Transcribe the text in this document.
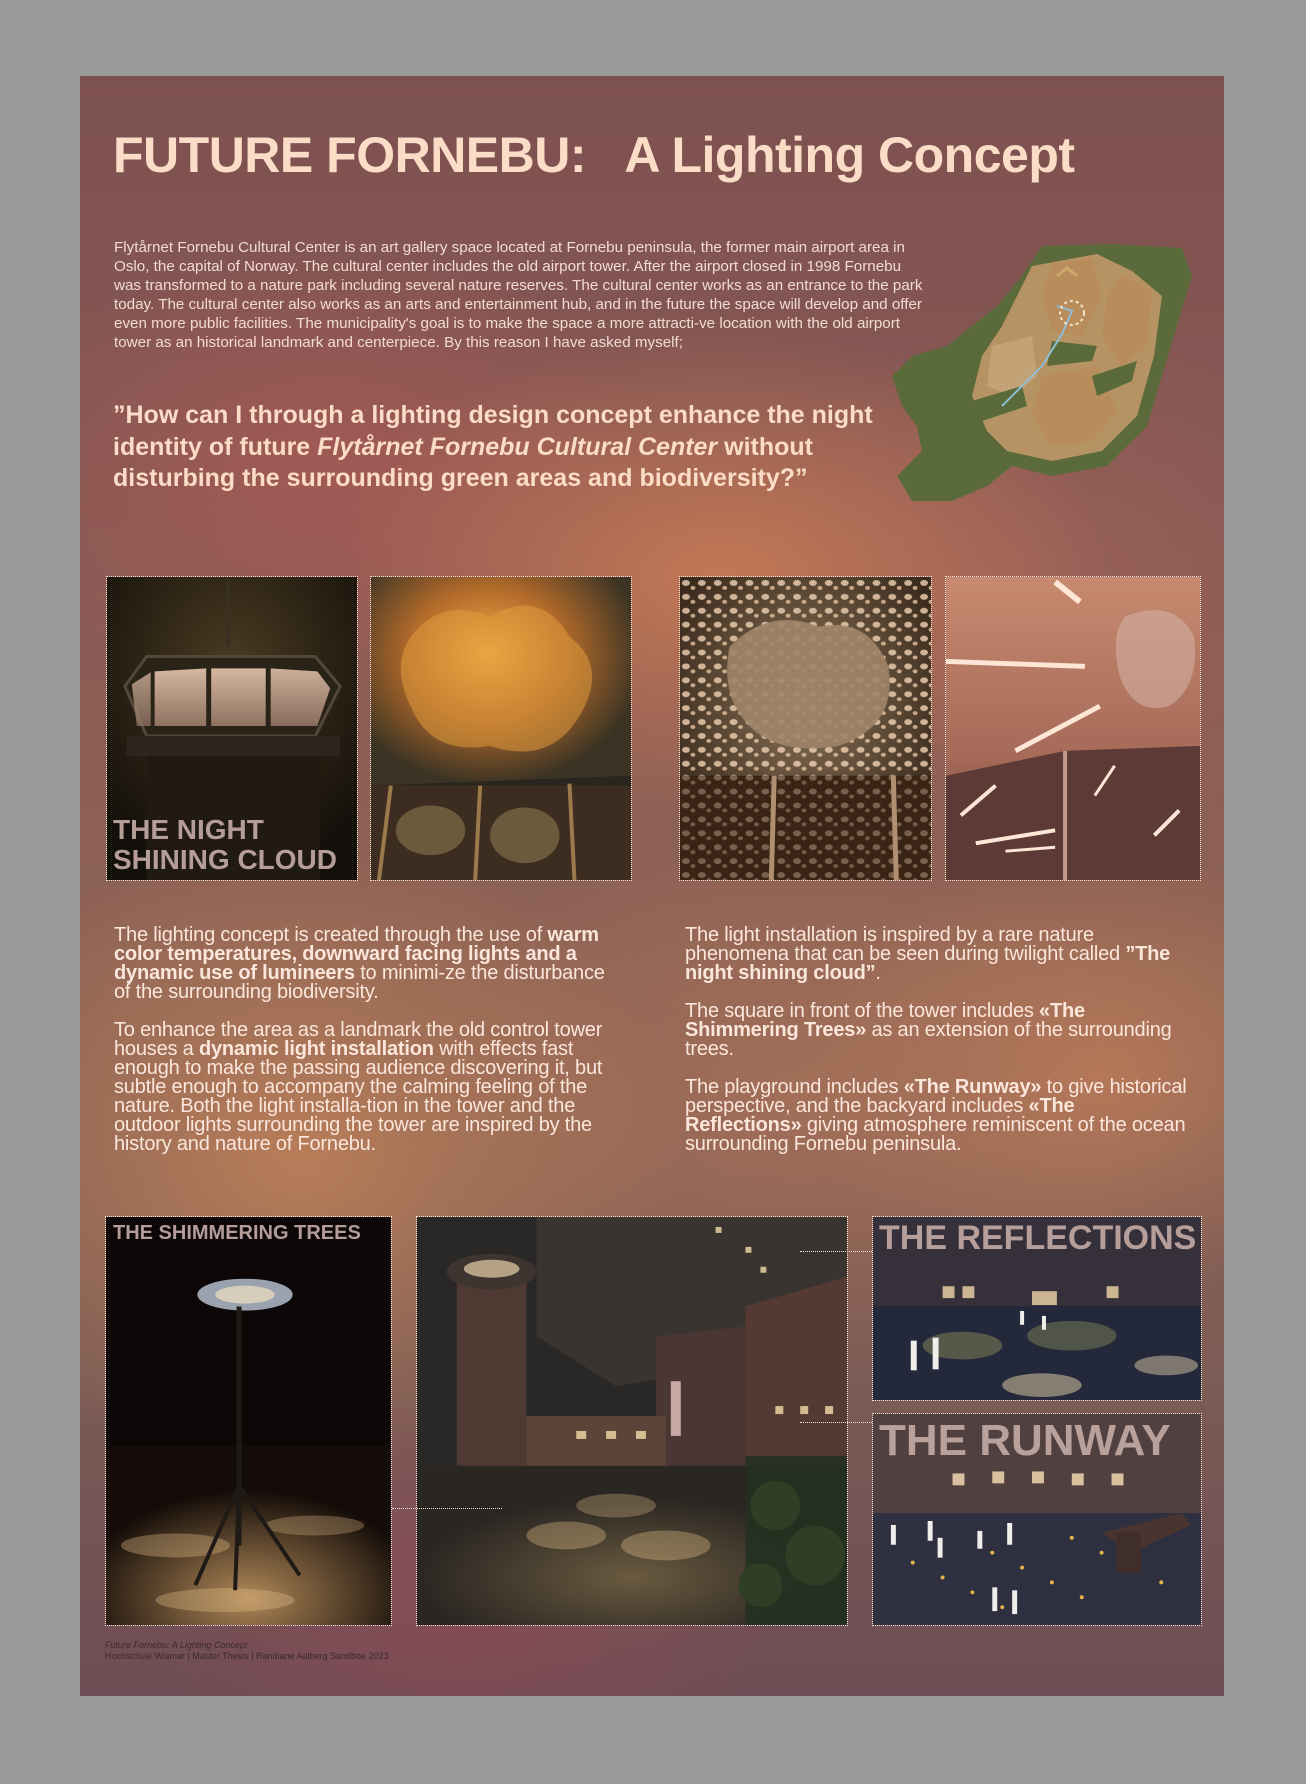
FUTURE FORNEBU:   A Lighting Concept

Flytårnet Fornebu Cultural Center is an art gallery space located at Fornebu peninsula, the former main airport area in Oslo, the capital of Norway. The cultural center includes the old airport tower. After the airport closed in 1998 Fornebu was transformed to a nature park including several nature reserves. The cultural center works as an entrance to the park today. The cultural center also works as an arts and entertainment hub, and in the future the space will develop and offer even more public facilities. The municipality's goal is to make the space a more attracti-ve location with the old airport tower as an historical landmark and centerpiece. By this reason I have asked myself;

”How can I through a lighting design concept enhance the night identity of future Flytårnet Fornebu Cultural Center without disturbing the surrounding green areas and biodiversity?”

THE NIGHT
SHINING CLOUD

The lighting concept is created through the use of warm color temperatures, downward facing lights and a dynamic use of lumineers to minimi-ze the disturbance of the surrounding biodiversity.

To enhance the area as a landmark the old control tower houses a dynamic light installation with effects fast enough to make the passing audience discovering it, but subtle enough to accompany the calming feeling of the nature. Both the light installa-tion in the tower and the outdoor lights surrounding the tower are inspired by the history and nature of Fornebu.

The light installation is inspired by a rare nature phenomena that can be seen during twilight called ”The night shining cloud”.

The square in front of the tower includes «The Shimmering Trees» as an extension of the surrounding trees.

The playground includes «The Runway» to give historical perspective, and the backyard includes «The Reflections» giving atmosphere reminiscent of the ocean surrounding Fornebu peninsula.

THE SHIMMERING TREES	THE REFLECTIONS
THE RUNWAY
Future Fornebu: A Lighting Concept
Hochschule Wismar | Master Thesis | Randiane Aalberg Sandboe 2023
